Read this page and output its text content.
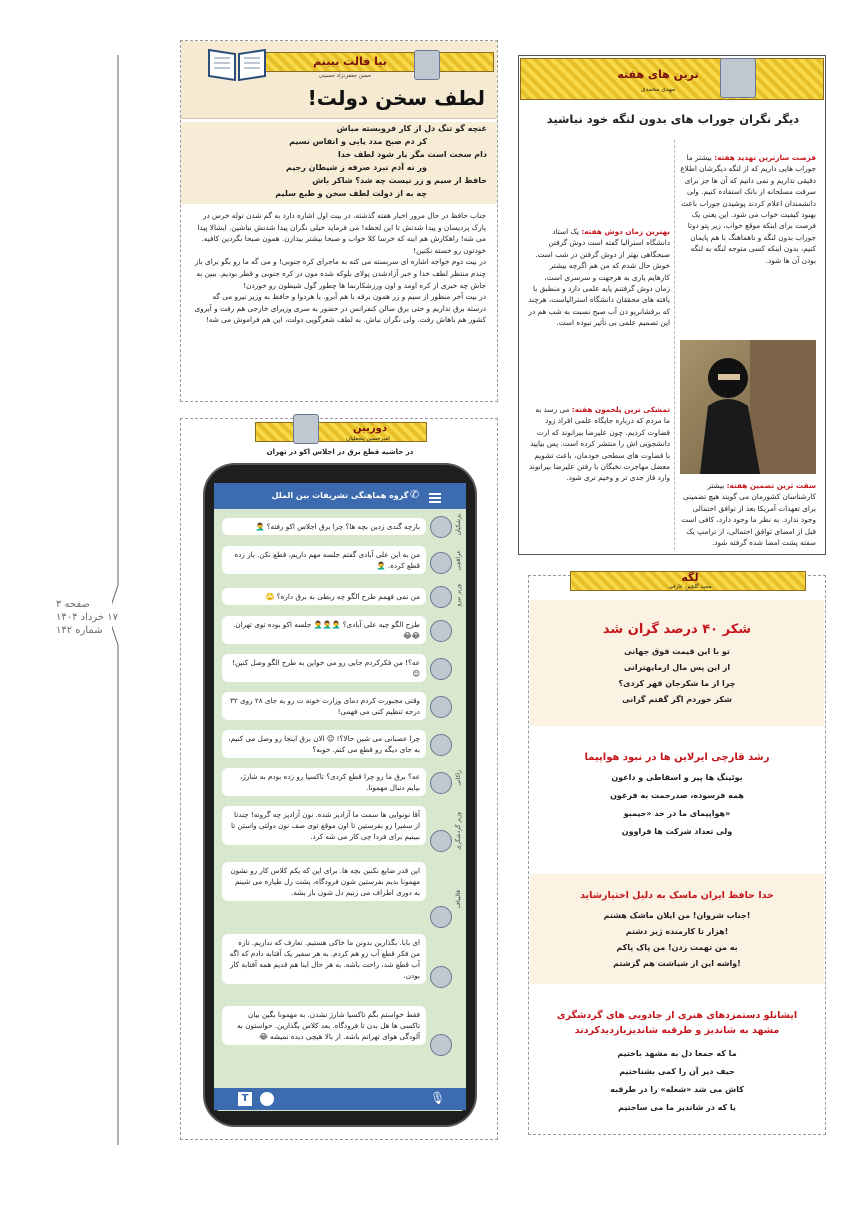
صفحه ۳
۱۷ خرداد ۱۴۰۴
شماره ۱۴۲
بیا فالت ببینم
حسن جعفرنژاد حسینی
لطف سخن دولت!
غنچه گو تنگ دل از کار فروبسته مباش
کز دم صبح مدد یابی و انفاس نسیم
دام سخت است مگر یار شود لطف خدا
ور نه آدم نبرد صرفه ز شیطان رجیم
حافظ ار سیم و زر نیست چه شد؟ شاکر باش
چه به از دولت لطف سخن و طبع سلیم
جناب حافظ در حال مرور اخبار هفته گذشته، در بیت اول اشاره دارد به گم شدن توله خرس در پارک پردیسان و پیدا شدنش تا این لحظه! می فرماید خیلی نگران پیدا شدنش نباشین. ایشالا پیدا می شه! راهکارش هم اینه که خرسا کلا خواب و صبحا بیشتر بیدارن. همون صبحا بگردین کافیه. خودتون رو خسته نکنین!
در بیت دوم خواجه اشاره ای سربسته می کنه به ماجرای کره جنوبی! و می گه ما رو بگو برای باز چندم منتظر لطف خدا و خبر آزادشدن پولای بلوکه شده مون در کره جنوبی و قطر بودیم. ببین به جاش چه خبری از کره اومد و اون ورزشکارنما ها چطور گول شیطون رو خوردن!
در بیت آخر منظور از سیم و زر همون برقه با هم آبرو. یا هردوا و حافظ به وزیر نیرو می گه درسته برق نداریم و حتی برق سالن کنفرانس در حضور به سری وزیرای خارجی هم رفت و آبروی کشور هم باهاش رفت. ولی نگران نباش. به لطف شعرگویی دولت، این هم فراموش می شه!
دوربین
امیرحسین پنجعلیان
در حاشیه قطع برق در اجلاس اکو در تهران
گروه هماهنگی تشریفات بین الملل ✆
پزشکیان
بازچه گندی زدین بچه ها؟ چرا برق اجلاس اکو رفته؟ 🤦‍♂️
عراقچی
من به این علی آبادی گفتم جلسه مهم داریم، قطع نکن. باز زده قطع کرده. 🤦‍♂️
وزیر نیرو
من نمی فهمم طرح الگو چه ربطی به برق داره؟ 🙄
طرح الگو چیه علی آبادی؟ 🤦‍♂️🤦‍♂️🤦‍♂️ جلسه اکو بوده توی تهران. 😂😂
عه؟! من فکرکردم جایی رو می خواین به طرح الگو وصل کنین! 😊
وقتی مجبورت کردم دمای وزارت خونه ت رو به جای ۲۸ روی ۳۲ درجه تنظیم کنی می فهمی!
چرا عصبانی می شین حالا؟! 😊 الان برق اینجا رو وصل می کنیم، به جای دیگه رو قطع می کنم. خوبه؟
زاکانی
عه؟ برق ما رو چرا قطع کردی؟ تاکسیا رو زده بودم به شارژ، بیایم دنبال مهمونا.
وزیر گردشگری
آقا نونوایی ها سمت ما آزادپز شده. نون آزادپز چه گرونه! چندتا از سفیرا رو بفرستین تا اون موقع توی صف نون دولتی واستن تا ببینیم برای فردا چی کار می شه کرد.
قالیباف
این قدر ضایع نکنین بچه ها. برای این که یکم کلاس کار رو نشون مهمونا بدیم بفرستین شون فرودگاه، پشت رل طیاره می شینم به دوری اطراف می زنیم دل شون باز بشه.
ای بابا. بگذارین بدونن ما خاکی هستیم. تعارف که نداریم. تازه من فکر قطع آب رو هم کردم. به هر سفیر یک آفتابه دادم که اگه آب قطع شد، راحت باشه. به هر حال اینا هم قدیم همه آفتابه کار بودن.
فقط خواستم بگم تاکسیا شارژ نشدن. به مهمونا بگین بیان تاکسی ها هل بدن تا فرودگاه. بعد کلاس بگذارین. حواستون به آلودگی هوای تهرانم باشه. از بالا هیچی دیده نمیشه 😂
🎙
T
ترین های هفته
مهدی محمدی
دیگر نگران جوراب های بدون لنگه خود نباشید
فرصت سازترین تهدید هفته: بیشتر ما جوراب هایی داریم که از لنگه دیگرشان اطلاع دقیقی نداریم و نمی دانیم که آن ها جز برای سرقت مسلحانه از بانک استفاده کنیم. ولی دانشمندان اعلام کردند پوشیدن جوراب باعث بهبود کیفیت خواب می شود. این یعنی یک فرصت برای اینکه موقع خواب، زیر پتو دوتا جوراب بدون لنگه و ناهماهنگ با هم پایمان کنیم، بدون اینکه کسی متوجه لنگه به لنگه بودن آن ها شود.
سفت ترین تضمین هفته: بیشتر کارشناسان کشورمان می گویند هیچ تضمینی برای تعهدات آمریکا بعد از توافق احتمالی وجود ندارد. به نظر ما وجود دارد، کافی است قبل از امضای توافق احتمالی، از ترامپ یک سفته پشت امضا شده گرفته شود.
بهترین زمان دوش هفته: یک استاد دانشگاه استرالیا گفته است دوش گرفتن صبحگاهی بهتر از دوش گرفتن در شب است. خوش حال شدم که من هم اگرچه بیشتر کارهایم یاری به هرجهت و سرسری است، زمان دوش گرفتنم پایه علمی دارد و منطبق با یافته های محققان دانشگاه استرالیاست، هرچند که برقشانریو دن آب صبح نسبت به شب هم در این تصمیم علمی بی تأثیر نبوده است.
تمشکی ترین پلخمون هفته: می رسد به ما مردم که درباره جایگاه علمی افراد زود قضاوت کردیم. چون علیرضا بیرانوند که ارت دانشجویی اش را منتشر کرده است. پس بیایید با قضاوت های سطحی خودمان، باعث تشویم معضل مهاجرت نخبگان با رفتن علیرضا بیرانوند وارد فاز جدی تر و وخیم تری شود.
لگه
مجید گلچین عارفی
شکر ۴۰ درصد گران شد
تو با این قیمت فوق جهانی
از این پس مال ازمایهترانی
چرا از ما شکرجان قهر کردی؟
شکر خوردم اگر گفتم گرانی
رشد قارچی ایرلاین ها در نبود هواپیما
بوئینگ ها پیر و اسقاطی و داغون
همه فرسوده، صدرحمت به فرغون
هواپیمای ما در حد «جیمبو»
ولی تعداد شرکت ها فراوون
خدا حافظ ایران ماسک به دلیل اختیارشاید
جناب شروان! من ایلان ماشک هشتم!
هزار تا کارمنده ژیر دشتم!
به من تهمت زدن! من پاک پاکم
واشه این از شیاشت هم گزشتم!
ایشانلو دستمزدهای هنری از جادویی های گردشگری مشهد به شاندیز و طرقبه شاندیزبازدیدکردند
ما که جمعا دل به مشهد باختیم
حیف دیر آن را کمی بشناختیم
کاش می شد «شعله» را در طرقبه
یا که در شاندیز ما می ساختیم
